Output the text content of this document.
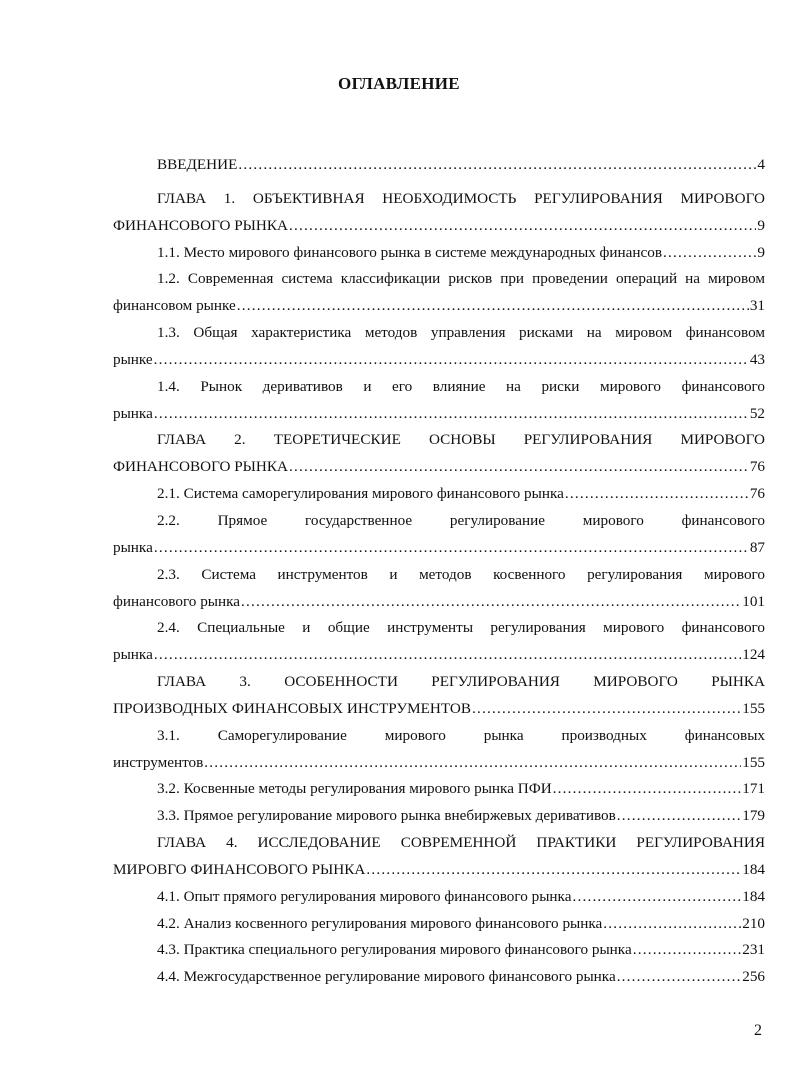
ОГЛАВЛЕНИЕ
ВВЕДЕНИЕ .....	4
ГЛАВА 1. ОБЪЕКТИВНАЯ НЕОБХОДИМОСТЬ РЕГУЛИРОВАНИЯ МИРОВОГО
ФИНАНСОВОГО РЫНКА .....	9
1.1. Место мирового финансового рынка в системе международных финансов .....	9
1.2. Современная система классификации рисков при проведении операций на мировом
финансовом рынке .....	31
1.3. Общая характеристика методов управления рисками на мировом финансовом
рынке .....	43
1.4. Рынок деривативов и его влияние на риски мирового финансового
рынка .....	52
ГЛАВА 2. ТЕОРЕТИЧЕСКИЕ ОСНОВЫ РЕГУЛИРОВАНИЯ МИРОВОГО
ФИНАНСОВОГО РЫНКА .....	76
2.1. Система саморегулирования мирового финансового рынка .....	76
2.2. Прямое государственное регулирование мирового финансового
рынка .....	87
2.3. Система инструментов и методов косвенного регулирования мирового
финансового рынка .....	101
2.4. Специальные и общие инструменты регулирования мирового финансового
рынка .....	124
ГЛАВА 3. ОСОБЕННОСТИ РЕГУЛИРОВАНИЯ МИРОВОГО РЫНКА
ПРОИЗВОДНЫХ ФИНАНСОВЫХ ИНСТРУМЕНТОВ .....	155
3.1. Саморегулирование мирового рынка производных финансовых
инструментов .....	155
3.2. Косвенные методы регулирования мирового рынка ПФИ .....	171
3.3. Прямое регулирование мирового рынка внебиржевых деривативов .....	179
ГЛАВА 4. ИССЛЕДОВАНИЕ СОВРЕМЕННОЙ ПРАКТИКИ РЕГУЛИРОВАНИЯ
МИРОВГО ФИНАНСОВОГО РЫНКА .....	184
4.1. Опыт прямого регулирования мирового финансового рынка .....	184
4.2. Анализ косвенного регулирования мирового финансового рынка .....	210
4.3. Практика специального регулирования мирового финансового рынка .....	231
4.4. Межгосударственное регулирование мирового финансового рынка .....	256
2
